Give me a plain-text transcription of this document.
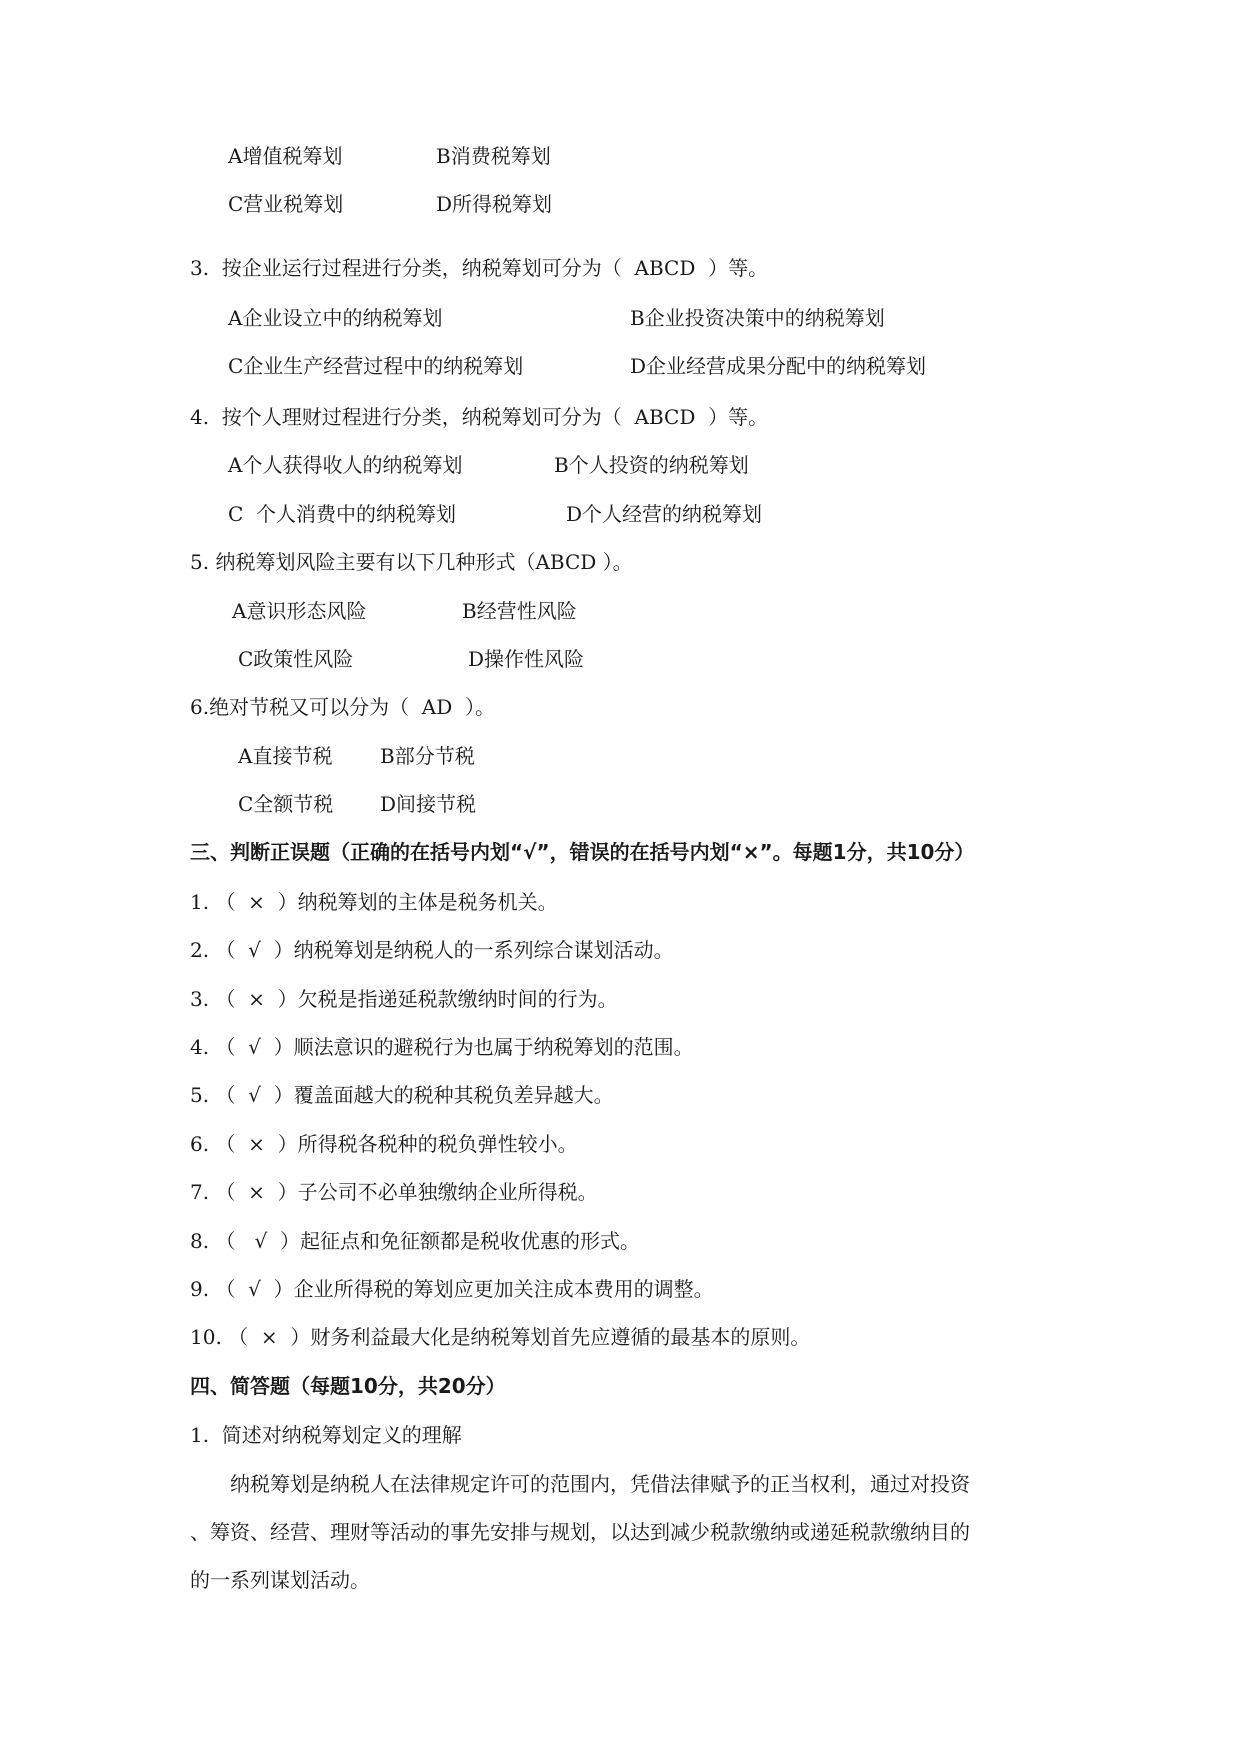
A增值税筹划	B消费税筹划
C营业税筹划	D所得税筹划
3.  按企业运行过程进行分类，纳税筹划可分为（  ABCD  ）等。
A企业设立中的纳税筹划	B企业投资决策中的纳税筹划
C企业生产经营过程中的纳税筹划	D企业经营成果分配中的纳税筹划
4.  按个人理财过程进行分类，纳税筹划可分为（  ABCD  ）等。
A个人获得收人的纳税筹划	B个人投资的纳税筹划
C  个人消费中的纳税筹划	D个人经营的纳税筹划
5. 纳税筹划风险主要有以下几种形式（ABCD ）。
A意识形态风险	B经营性风险
C政策性风险	D操作性风险
6.绝对节税又可以分为（  AD  ）。
A直接节税 B部分节税
C全额节税 D间接节税
三、判断正误题（正确的在括号内划“√”，错误的在括号内划“×”。每题1分，共10分）
1. （  ×  ）纳税筹划的主体是税务机关。
2. （  √  ）纳税筹划是纳税人的一系列综合谋划活动。
3. （  ×  ）欠税是指递延税款缴纳时间的行为。
4. （  √  ）顺法意识的避税行为也属于纳税筹划的范围。
5. （  √  ）覆盖面越大的税种其税负差异越大。
6. （  ×  ）所得税各税种的税负弹性较小。
7. （  ×  ）子公司不必单独缴纳企业所得税。
8. （   √  ）起征点和免征额都是税收优惠的形式。
9. （  √  ）企业所得税的筹划应更加关注成本费用的调整。
10. （  ×  ）财务利益最大化是纳税筹划首先应遵循的最基本的原则。
四、简答题（每题10分，共20分）
1.  简述对纳税筹划定义的理解
纳税筹划是纳税人在法律规定许可的范围内，凭借法律赋予的正当权利，通过对投资
、筹资、经营、理财等活动的事先安排与规划，以达到减少税款缴纳或递延税款缴纳目的
的一系列谋划活动。
